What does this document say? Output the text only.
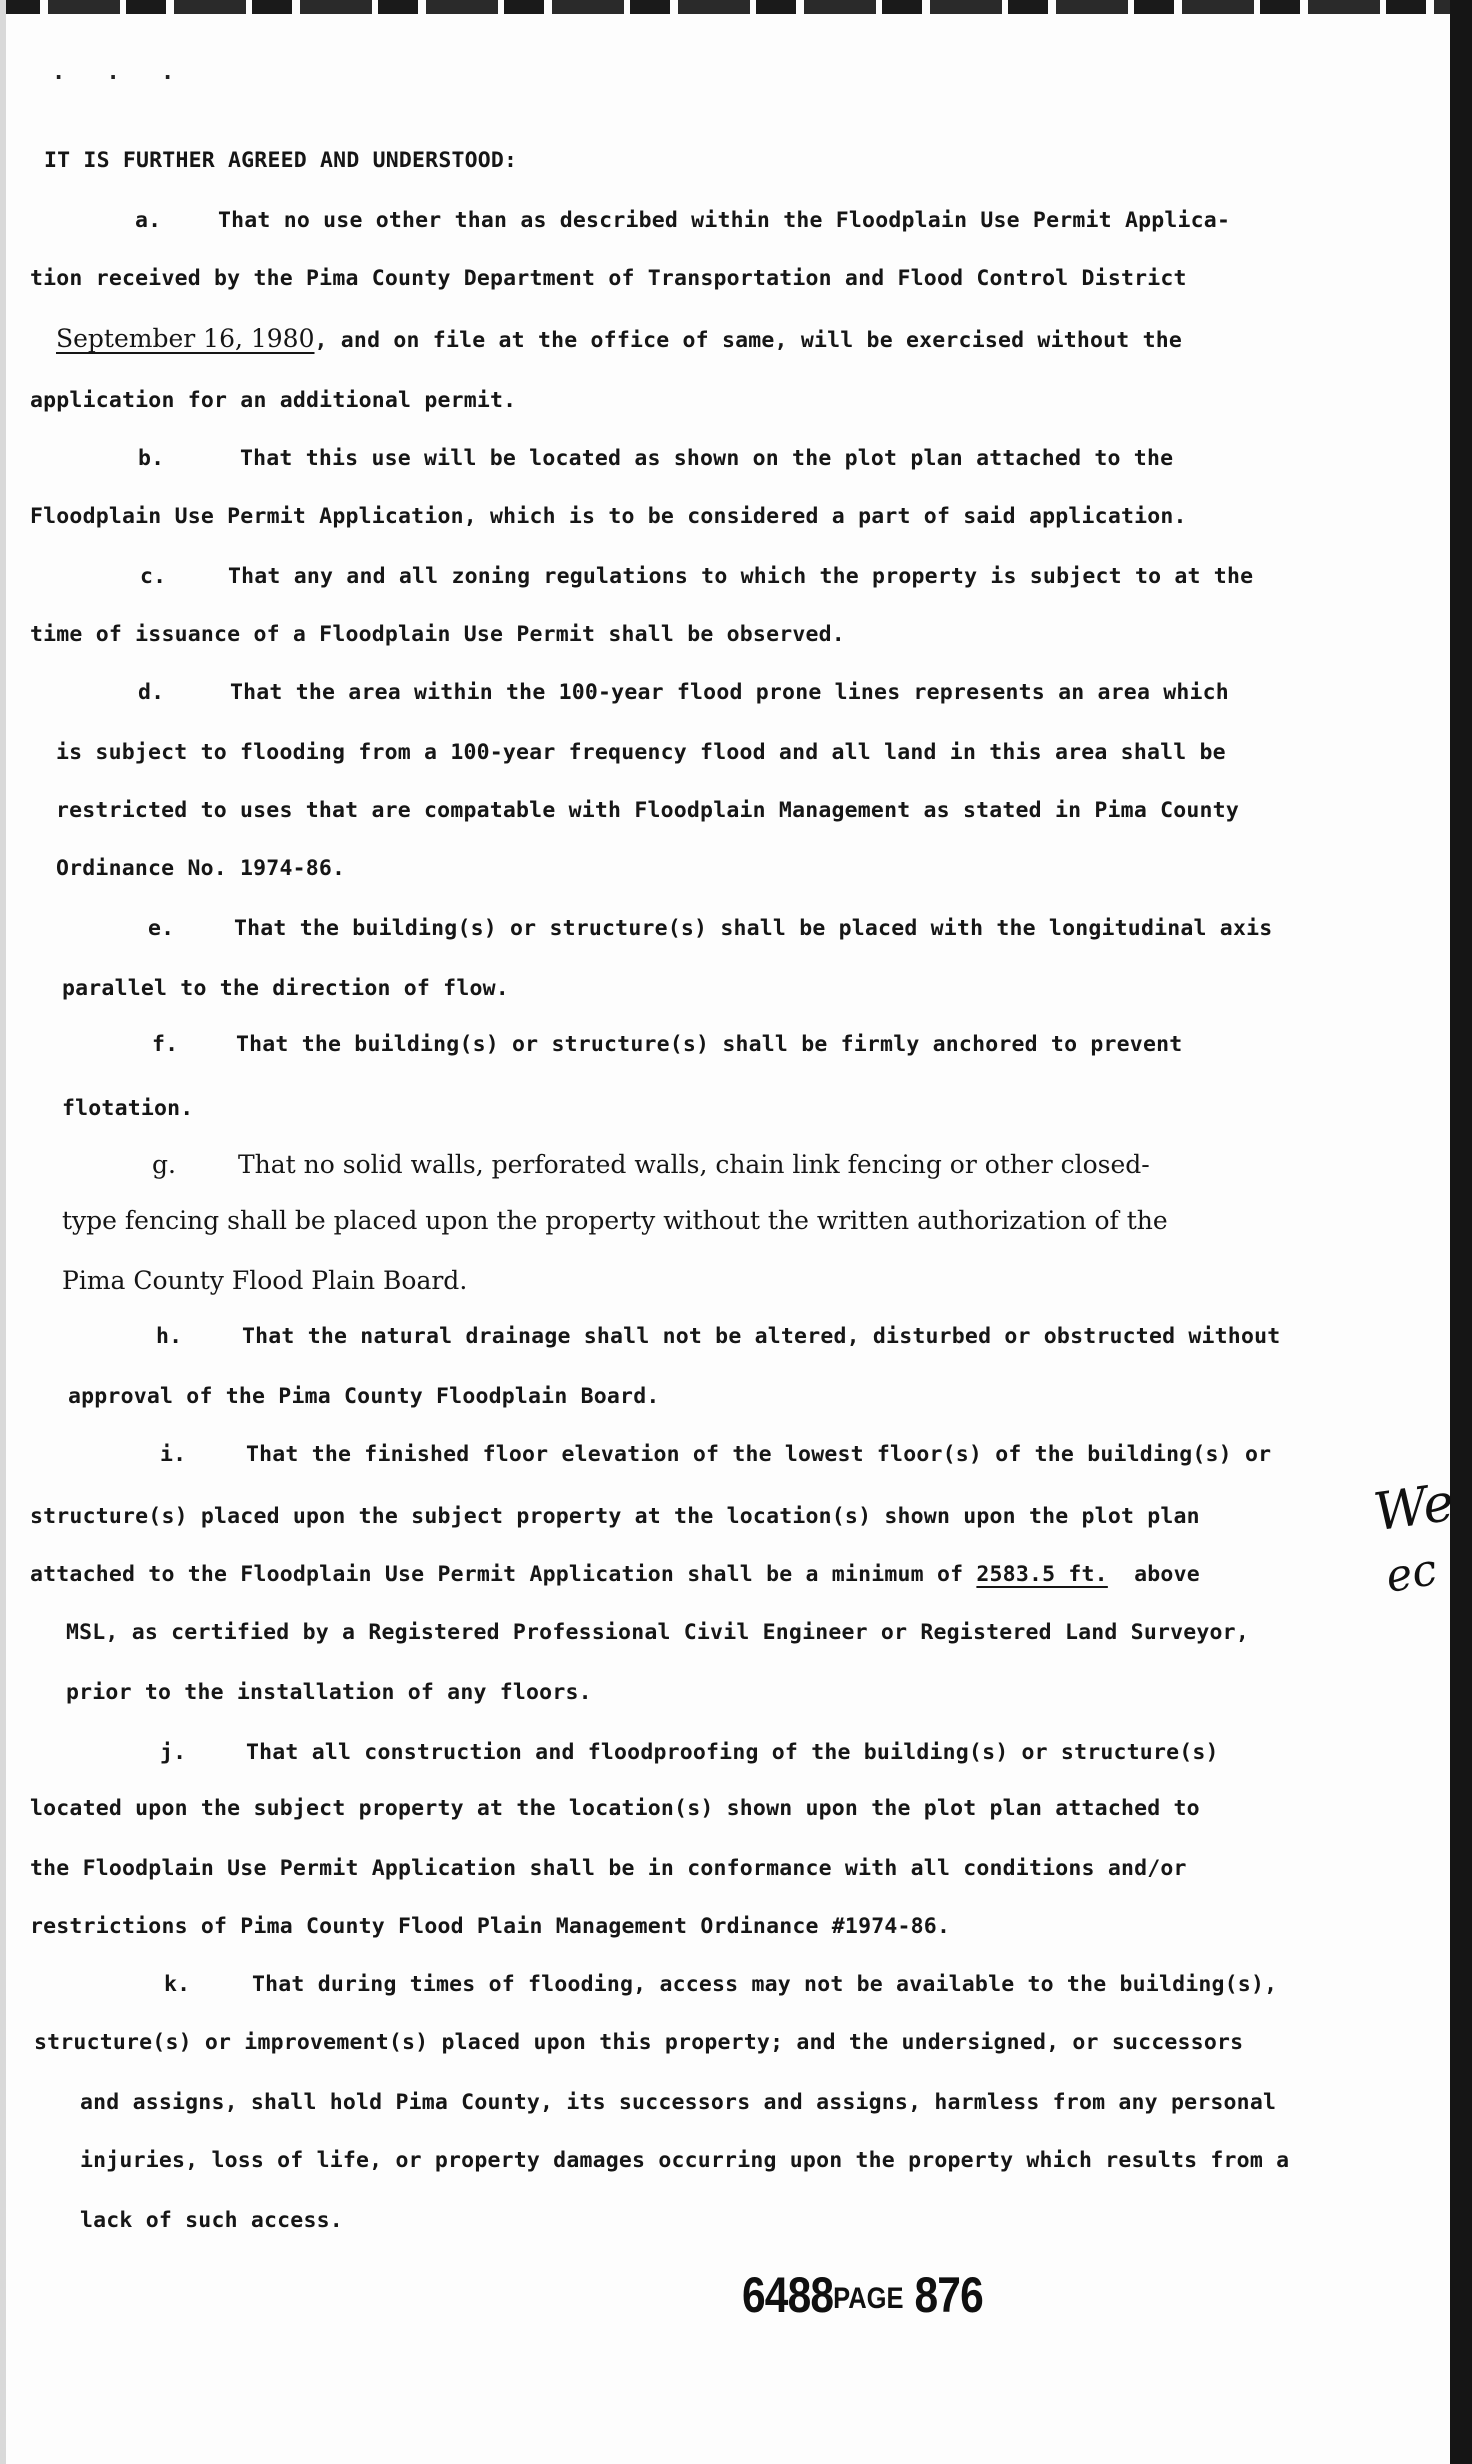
· · ·
IT IS FURTHER AGREED AND UNDERSTOOD:
a.	That no use other than as described within the Floodplain Use Permit Applica-
tion received by the Pima County Department of Transportation and Flood Control District
September 16, 1980, and on file at the office of same, will be exercised without the
application for an additional permit.
b.	That this use will be located as shown on the plot plan attached to the
Floodplain Use Permit Application, which is to be considered a part of said application.
c.	That any and all zoning regulations to which the property is subject to at the
time of issuance of a Floodplain Use Permit shall be observed.
d.	That the area within the 100-year flood prone lines represents an area which
is subject to flooding from a 100-year frequency flood and all land in this area shall be
restricted to uses that are compatable with Floodplain Management as stated in Pima County
Ordinance No. 1974-86.
e.	That the building(s) or structure(s) shall be placed with the longitudinal axis
parallel to the direction of flow.
f.	That the building(s) or structure(s) shall be firmly anchored to prevent
flotation.
g. That no solid walls, perforated walls, chain link fencing or other closed-
type fencing shall be placed upon the property without the written authorization of the
Pima County Flood Plain Board.
h.	That the natural drainage shall not be altered, disturbed or obstructed without
approval of the Pima County Floodplain Board.
i.	That the finished floor elevation of the lowest floor(s) of the building(s) or
structure(s) placed upon the subject property at the location(s) shown upon the plot plan
attached to the Floodplain Use Permit Application shall be a minimum of 2583.5 ft. above
MSL, as certified by a Registered Professional Civil Engineer or Registered Land Surveyor,
prior to the installation of any floors.
We
ec
j.	That all construction and floodproofing of the building(s) or structure(s)
located upon the subject property at the location(s) shown upon the plot plan attached to
the Floodplain Use Permit Application shall be in conformance with all conditions and/or
restrictions of Pima County Flood Plain Management Ordinance #1974-86.
k.	That during times of flooding, access may not be available to the building(s),
structure(s) or improvement(s) placed upon this property; and the undersigned, or successors
and assigns, shall hold Pima County, its successors and assigns, harmless from any personal
injuries, loss of life, or property damages occurring upon the property which results from a
lack of such access.
6488PAGE 876
